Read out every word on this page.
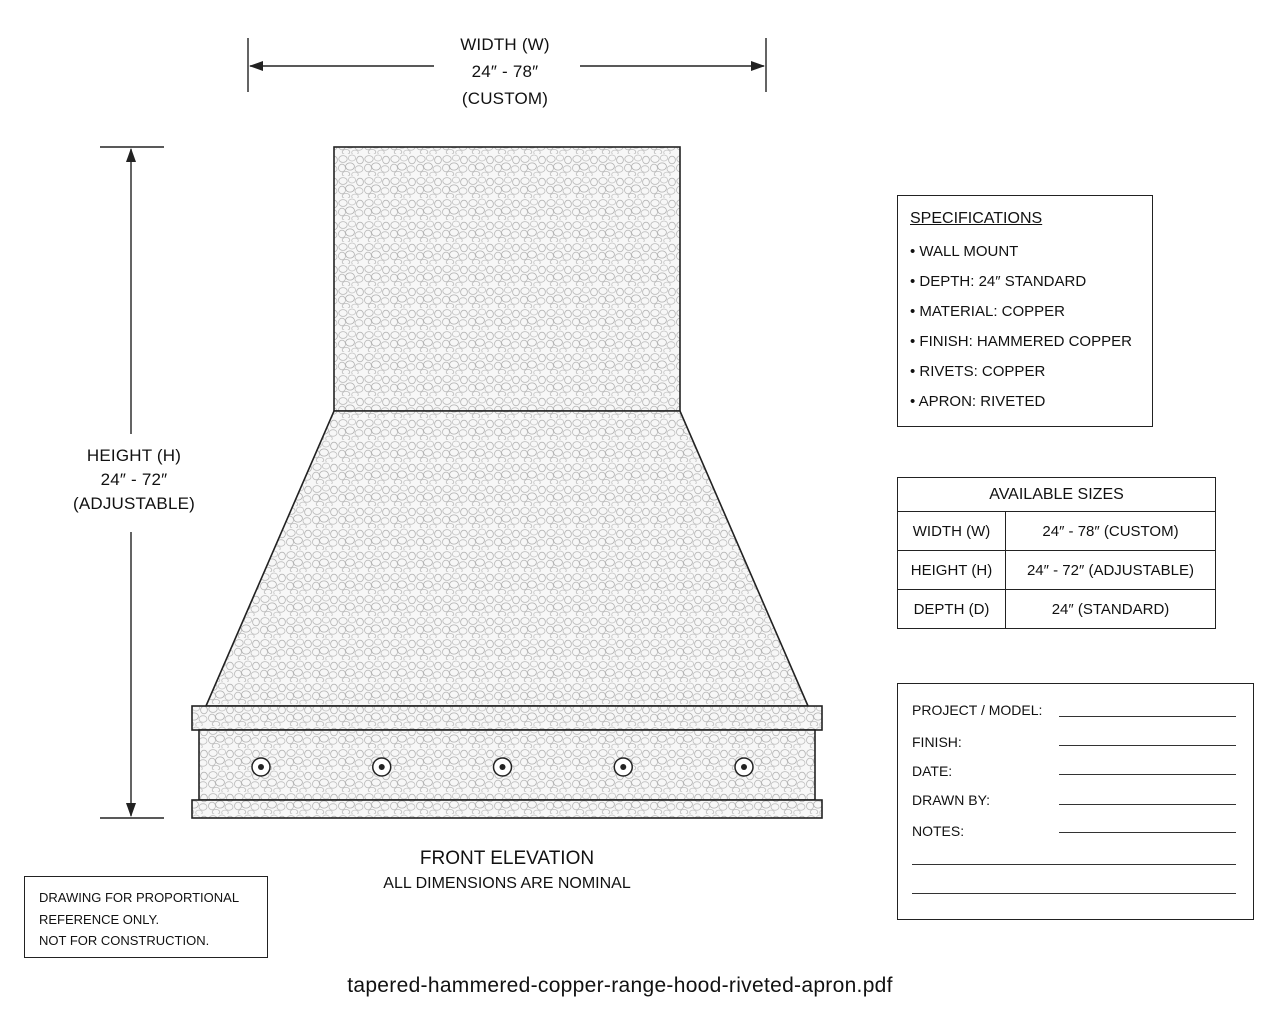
WIDTH (W)
24″ - 78″
(CUSTOM)
HEIGHT (H)
24″ - 72″
(ADJUSTABLE)
SPECIFICATIONS
• WALL MOUNT
• DEPTH: 24″ STANDARD
• MATERIAL: COPPER
• FINISH: HAMMERED COPPER
• RIVETS: COPPER
• APRON: RIVETED
AVAILABLE SIZES	
WIDTH (W)	24″ - 78″ (CUSTOM)
HEIGHT (H)	24″ - 72″ (ADJUSTABLE)
DEPTH (D)	24″ (STANDARD)
PROJECT / MODEL:
FINISH:
DATE:
DRAWN BY:
NOTES:
FRONT ELEVATION
ALL DIMENSIONS ARE NOMINAL
DRAWING FOR PROPORTIONAL
REFERENCE ONLY.
NOT FOR CONSTRUCTION.
tapered-hammered-copper-range-hood-riveted-apron.pdf
